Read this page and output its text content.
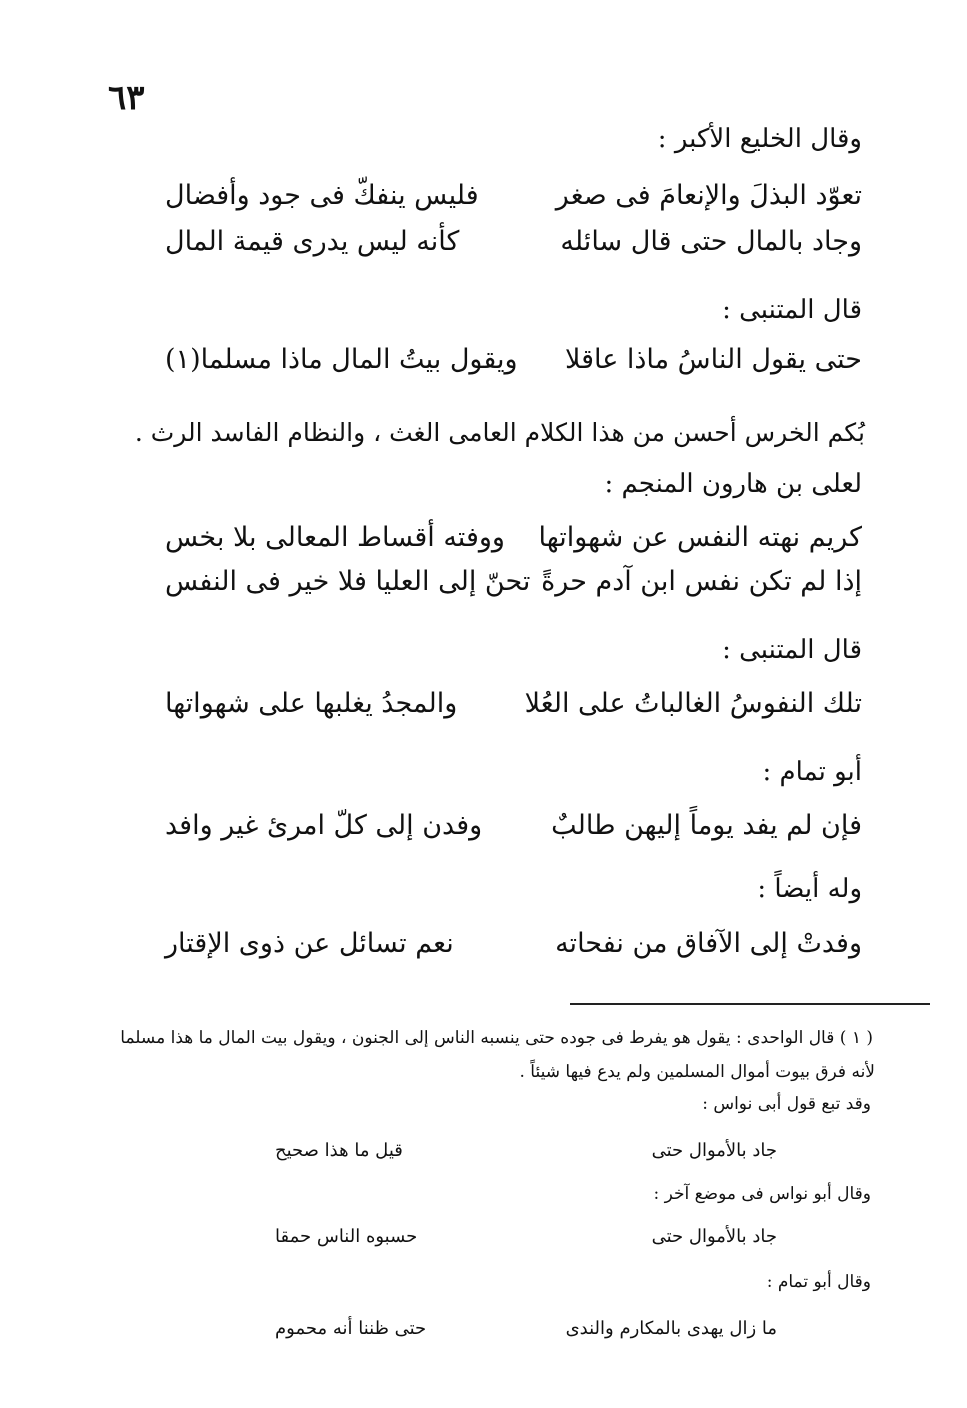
٦٣
وقال الخليع الأكبر :
تعوّد البذلَ والإنعامَ فى صغر
فليس ينفكّ فى جود وأفضال
وجاد بالمال حتى قال سائله
كأنه ليس يدرى قيمة المال
قال المتنبى :
حتى يقول الناسُ ماذا عاقلا
ويقول بيتُ المال ماذا مسلما(١)
بُكم الخرس أحسن من هذا الكلام العامى الغث ، والنظام الفاسد الرث .
لعلى بن هارون المنجم :
كريم نهته النفس عن شهواتها
ووفته أقساط المعالى بلا بخس
إذا لم تكن نفس ابن آدم حرةً
تحنّ إلى العليا فلا خير فى النفس
قال المتنبى :
تلك النفوسُ الغالباتُ على العُلا
والمجدُ يغلبها على شهواتها
أبو تمام :
فإن لم يفد يوماً إليهن طالبٌ
وفدن إلى كلّ امرئ غير وافد
وله أيضاً :
وفدتْ إلى الآفاق من نفحاته
نعم تسائل عن ذوى الإقتار
( ١ ) قال الواحدى : يقول هو يفرط فى جوده حتى ينسبه الناس إلى الجنون ، ويقول بيت المال ما هذا مسلما
لأنه فرق بيوت أموال المسلمين ولم يدع فيها شيئاً .
وقد تبع قول أبى نواس :
جاد بالأموال حتى
قيل ما هذا صحيح
وقال أبو نواس فى موضع آخر :
جاد بالأموال حتى
حسبوه الناس حمقا
وقال أبو تمام :
ما زال يهدى بالمكارم والندى
حتى ظننا أنه محموم
